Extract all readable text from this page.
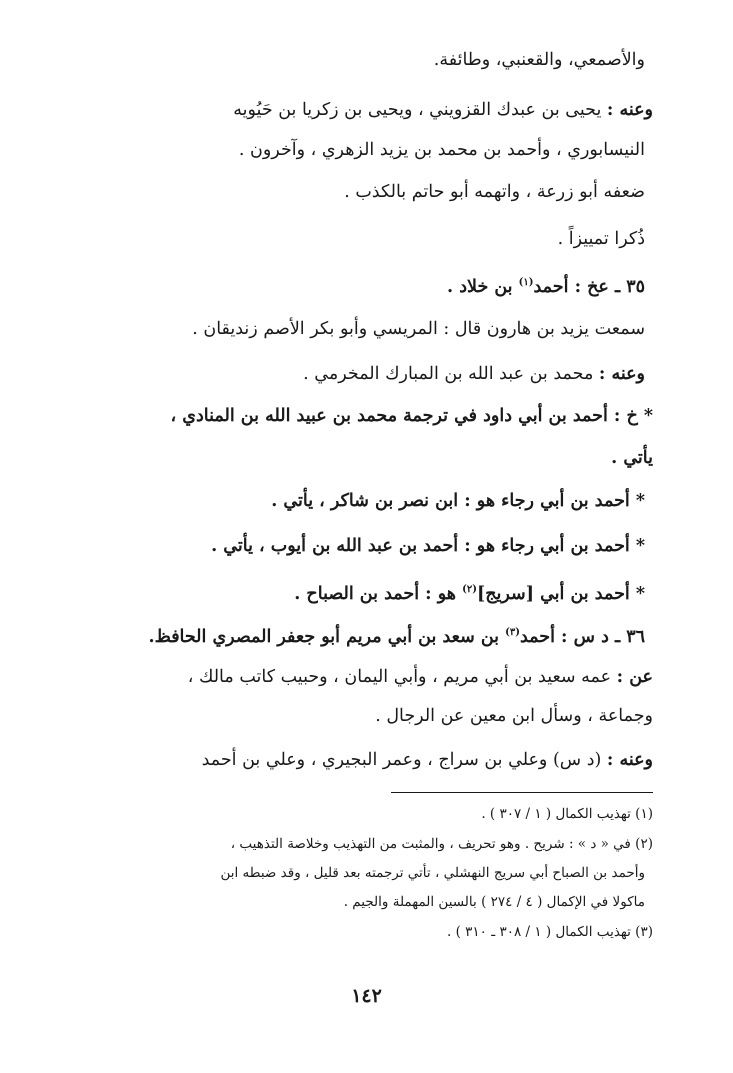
والأصمعي، والقعنبي، وطائفة.
وعنه : يحيى بن عبدك القزويني ، ويحيى بن زكريا بن حَيُويه
النيسابوري ، وأحمد بن محمد بن يزيد الزهري ، وآخرون .
ضعفه أبو زرعة ، واتهمه أبو حاتم بالكذب .
ذُكرا تمييزاً .
٣٥ ـ عخ : أحمد$^{(١)}$ بن خلاد .
سمعت يزيد بن هارون قال : المريسي وأبو بكر الأصم زنديقان .
وعنه : محمد بن عبد الله بن المبارك المخرمي .
* خ : أحمد بن أبي داود في ترجمة محمد بن عبيد الله بن المنادي ،
يأتي .
* أحمد بن أبي رجاء هو : ابن نصر بن شاكر ، يأتي .
* أحمد بن أبي رجاء هو : أحمد بن عبد الله بن أيوب ، يأتي .
* أحمد بن أبي [سريج]$^{(٢)}$ هو : أحمد بن الصباح .
٣٦ ـ د س : أحمد$^{(٣)}$ بن سعد بن أبي مريم أبو جعفر المصري الحافظ.
عن : عمه سعيد بن أبي مريم ، وأبي اليمان ، وحبيب كاتب مالك ،
وجماعة ، وسأل ابن معين عن الرجال .
وعنه : (د س) وعلي بن سراج ، وعمر البجيري ، وعلي بن أحمد
(١) تهذيب الكمال ( ١ / ٣٠٧ ) .
(٢) في « د » : شريح . وهو تحريف ، والمثبت من التهذيب وخلاصة التذهيب ،
وأحمد بن الصباح أبي سريج النهشلي ، تأتي ترجمته بعد قليل ، وقد ضبطه ابن
ماكولا في الإكمال ( ٤ / ٢٧٤ ) بالسين المهملة والجيم .
(٣) تهذيب الكمال ( ١ / ٣٠٨ ـ ٣١٠ ) .
١٤٢
